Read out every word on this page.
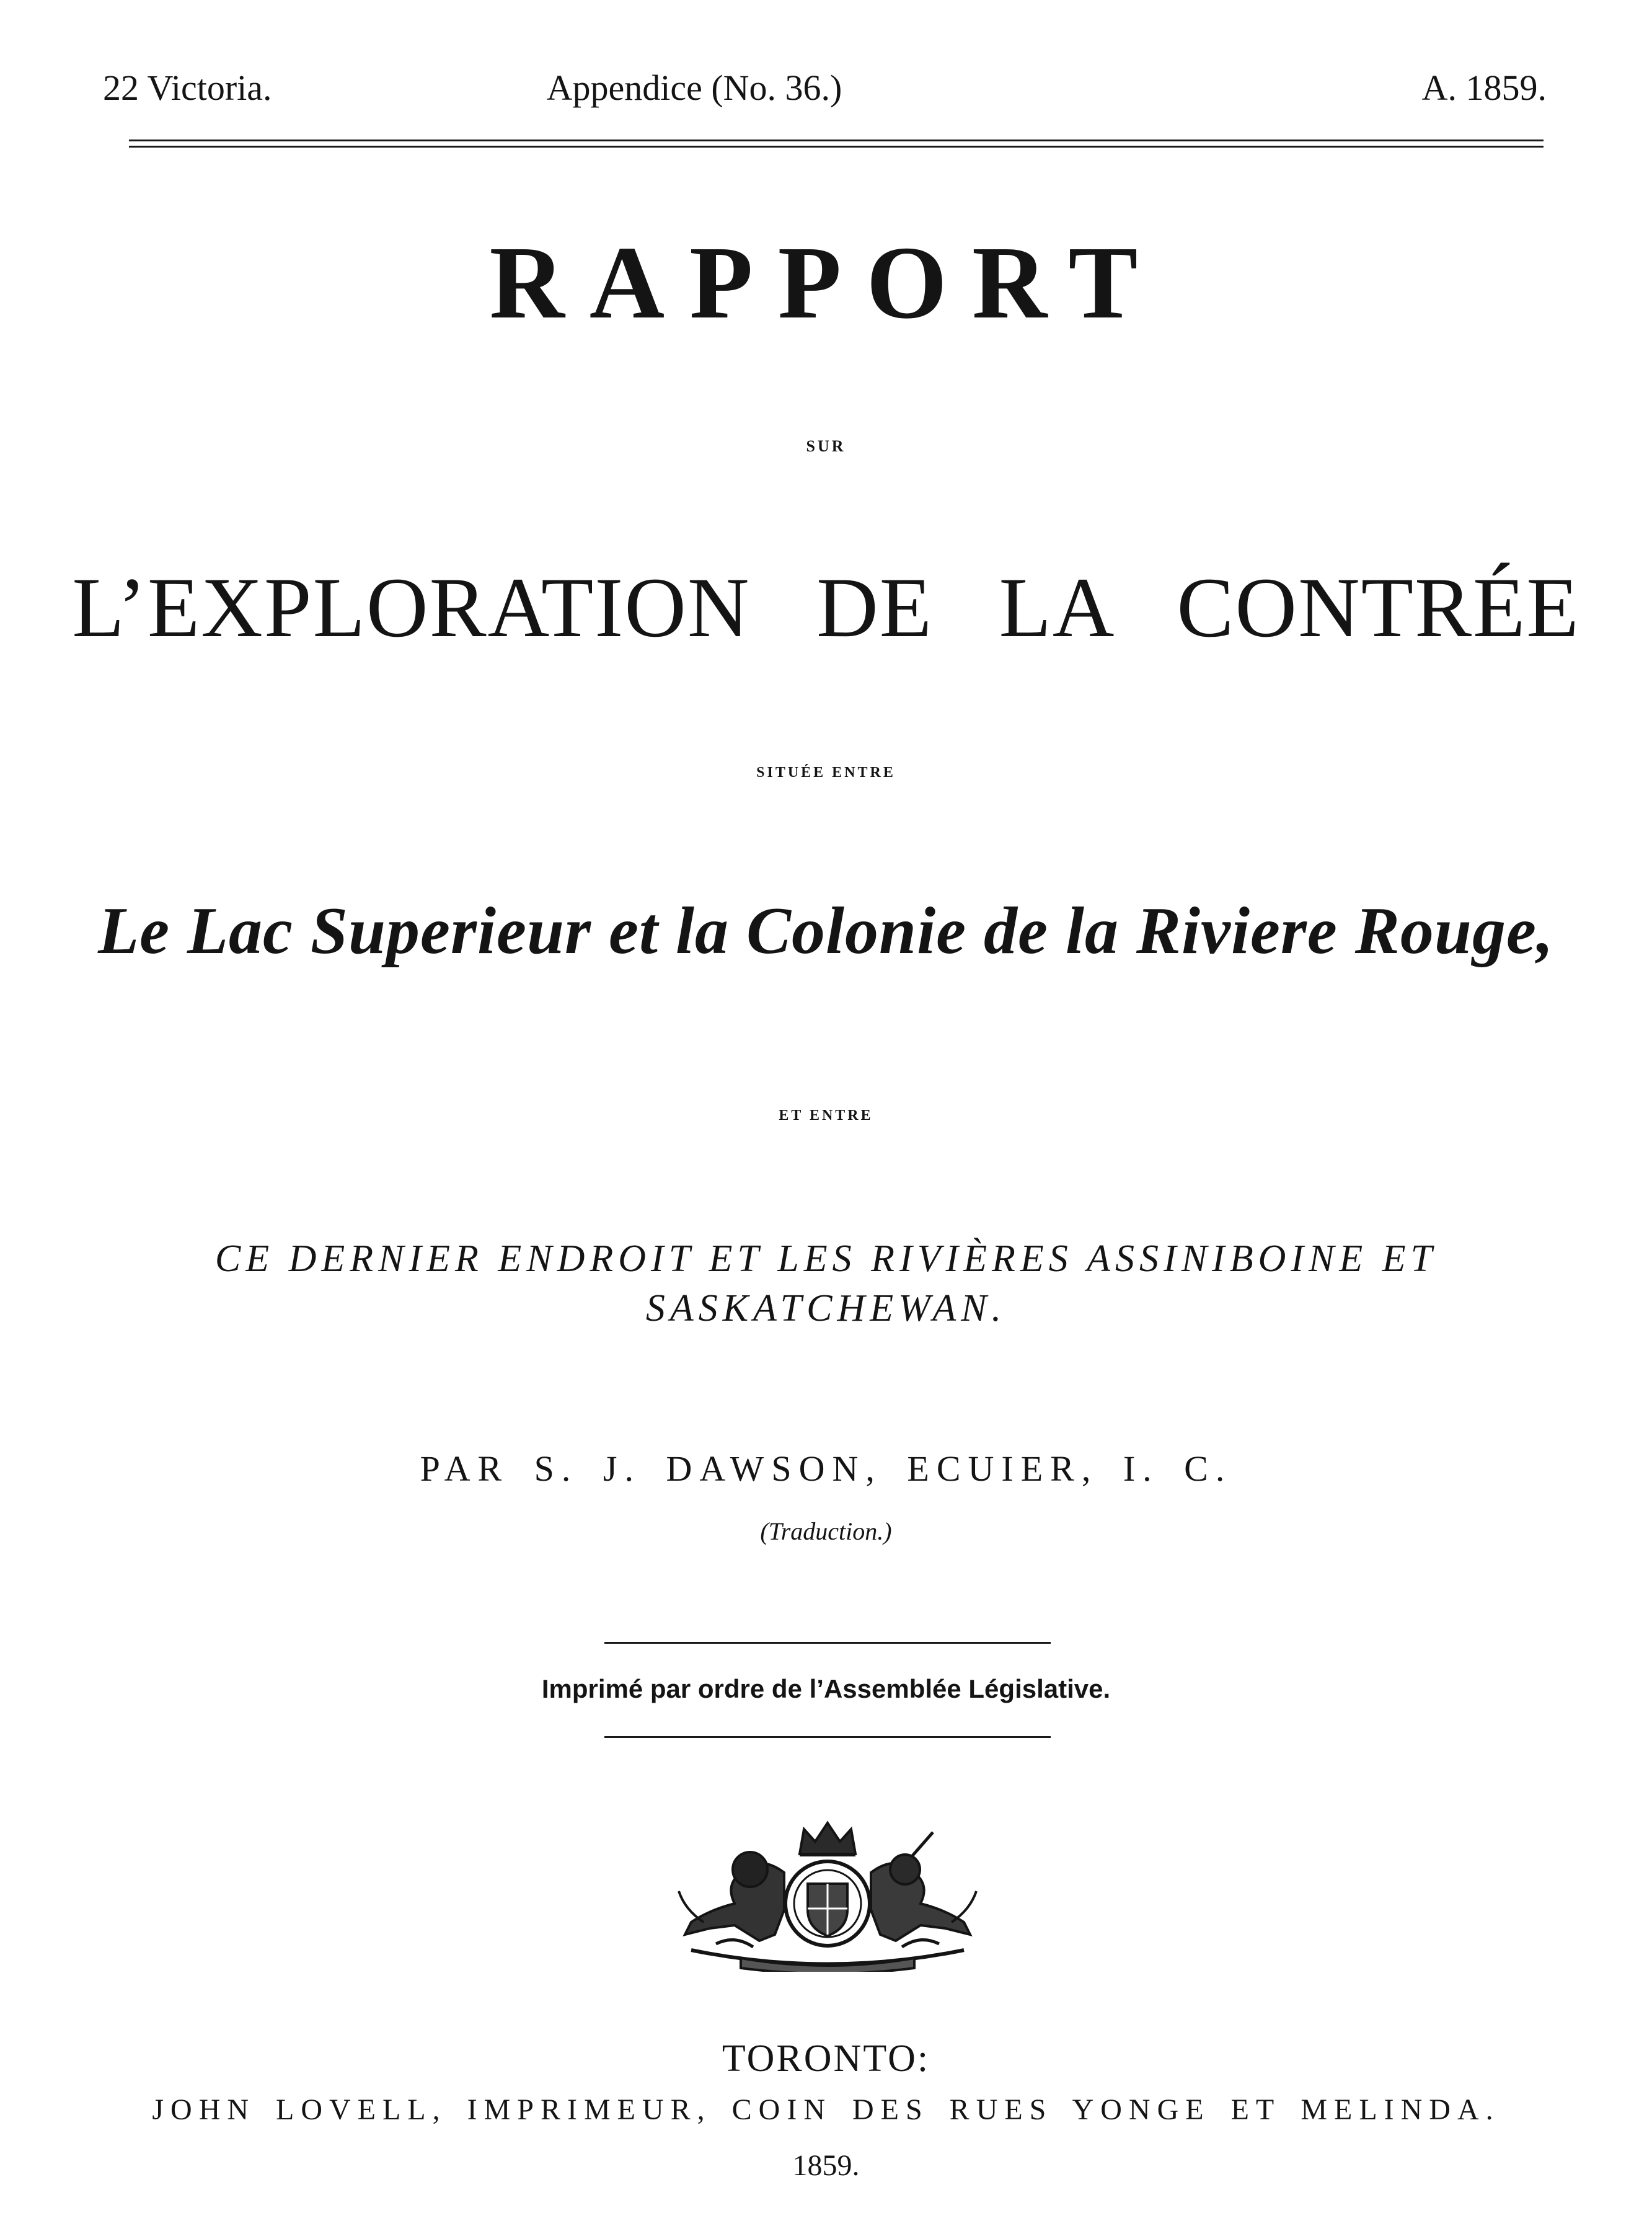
22 Victoria.	Appendice (No. 36.)	A. 1859.
RAPPORT
SUR
L’EXPLORATION DE LA CONTRÉE
SITUÉE ENTRE
Le Lac Superieur et la Colonie de la Riviere Rouge,
ET ENTRE
CE DERNIER ENDROIT ET LES RIVIÈRES ASSINIBOINE ET
SASKATCHEWAN.
PAR S. J. DAWSON, ECUIER, I. C.
(Traduction.)
Imprimé par ordre de l’Assemblée Législative.
TORONTO:
JOHN LOVELL, IMPRIMEUR, COIN DES RUES YONGE ET MELINDA.
1859.
